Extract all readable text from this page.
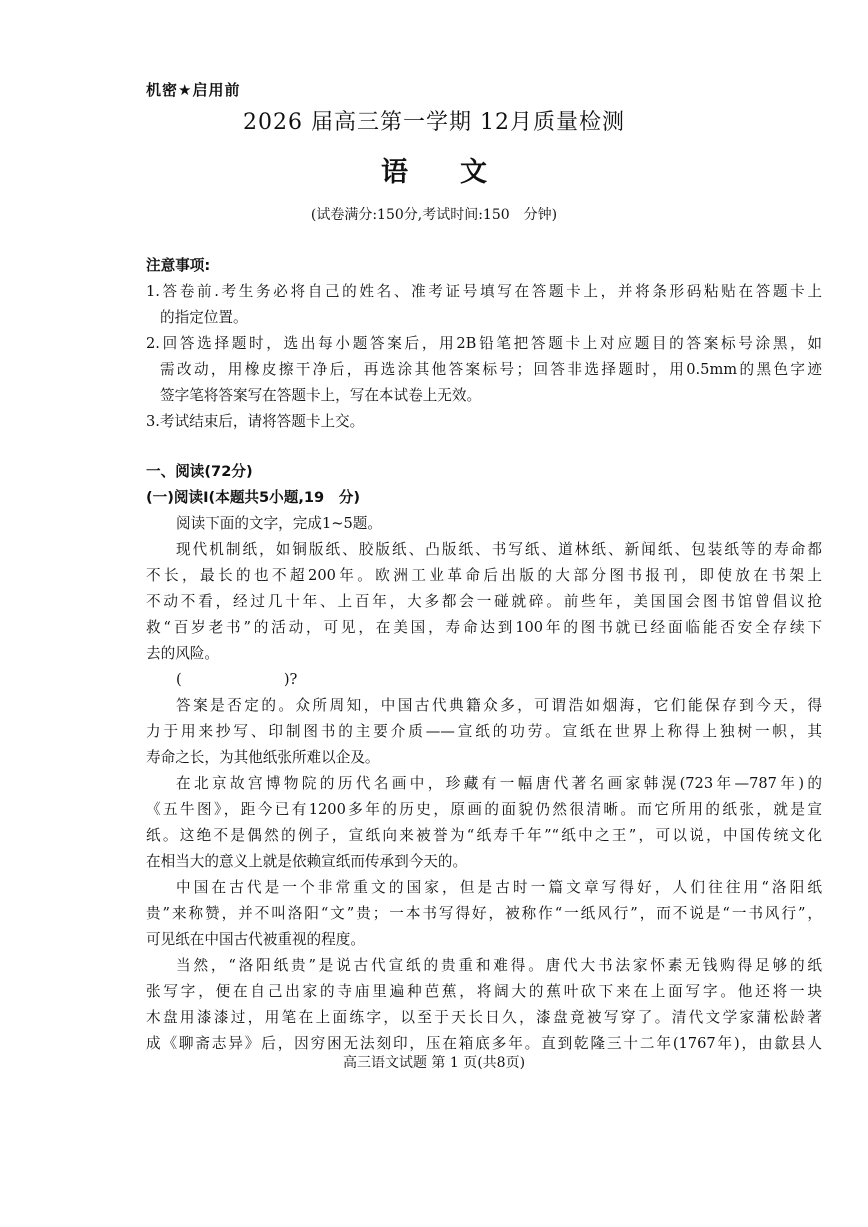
机密★启用前
2026 届高三第一学期 12月质量检测
语文
(试卷满分:150分,考试时间:150　分钟)
注意事项:
1.答卷前.考生务必将自己的姓名、准考证号填写在答题卡上，并将条形码粘贴在答题卡上
的指定位置。
2.回答选择题时，选出每小题答案后，用2B铅笔把答题卡上对应题目的答案标号涂黑，如
需改动，用橡皮擦干净后，再选涂其他答案标号；回答非选择题时，用0.5mm的黑色字迹
签字笔将答案写在答题卡上，写在本试卷上无效。
3.考试结束后，请将答题卡上交。
一、阅读(72分)
(一)阅读Ⅰ(本题共5小题,19　分)
阅读下面的文字，完成1~5题。
现代机制纸，如铜版纸、胶版纸、凸版纸、书写纸、道林纸、新闻纸、包装纸等的寿命都
不长，最长的也不超200年。欧洲工业革命后出版的大部分图书报刊，即使放在书架上
不动不看，经过几十年、上百年，大多都会一碰就碎。前些年，美国国会图书馆曾倡议抢
救“百岁老书”的活动，可见，在美国，寿命达到100年的图书就已经面临能否安全存续下
去的风险。
(　　　　　　　)?
答案是否定的。众所周知，中国古代典籍众多，可谓浩如烟海，它们能保存到今天，得
力于用来抄写、印制图书的主要介质——宣纸的功劳。宣纸在世界上称得上独树一帜，其
寿命之长，为其他纸张所难以企及。
在北京故宫博物院的历代名画中，珍藏有一幅唐代著名画家韩滉(723年—787年)的
《五牛图》，距今已有1200多年的历史，原画的面貌仍然很清晰。而它所用的纸张，就是宣
纸。这绝不是偶然的例子，宣纸向来被誉为“纸寿千年”“纸中之王”，可以说，中国传统文化
在相当大的意义上就是依赖宣纸而传承到今天的。
中国在古代是一个非常重文的国家，但是古时一篇文章写得好，人们往往用“洛阳纸
贵”来称赞，并不叫洛阳“文”贵；一本书写得好，被称作“一纸风行”，而不说是“一书风行”，
可见纸在中国古代被重视的程度。
当然，“洛阳纸贵”是说古代宣纸的贵重和难得。唐代大书法家怀素无钱购得足够的纸
张写字，便在自己出家的寺庙里遍种芭蕉，将阔大的蕉叶砍下来在上面写字。他还将一块
木盘用漆漆过，用笔在上面练字，以至于天长日久，漆盘竟被写穿了。清代文学家蒲松龄著
成《聊斋志异》后，因穷困无法刻印，压在箱底多年。直到乾隆三十二年(1767年)，由歙县人
高三语文试题 第 1 页(共8页)
